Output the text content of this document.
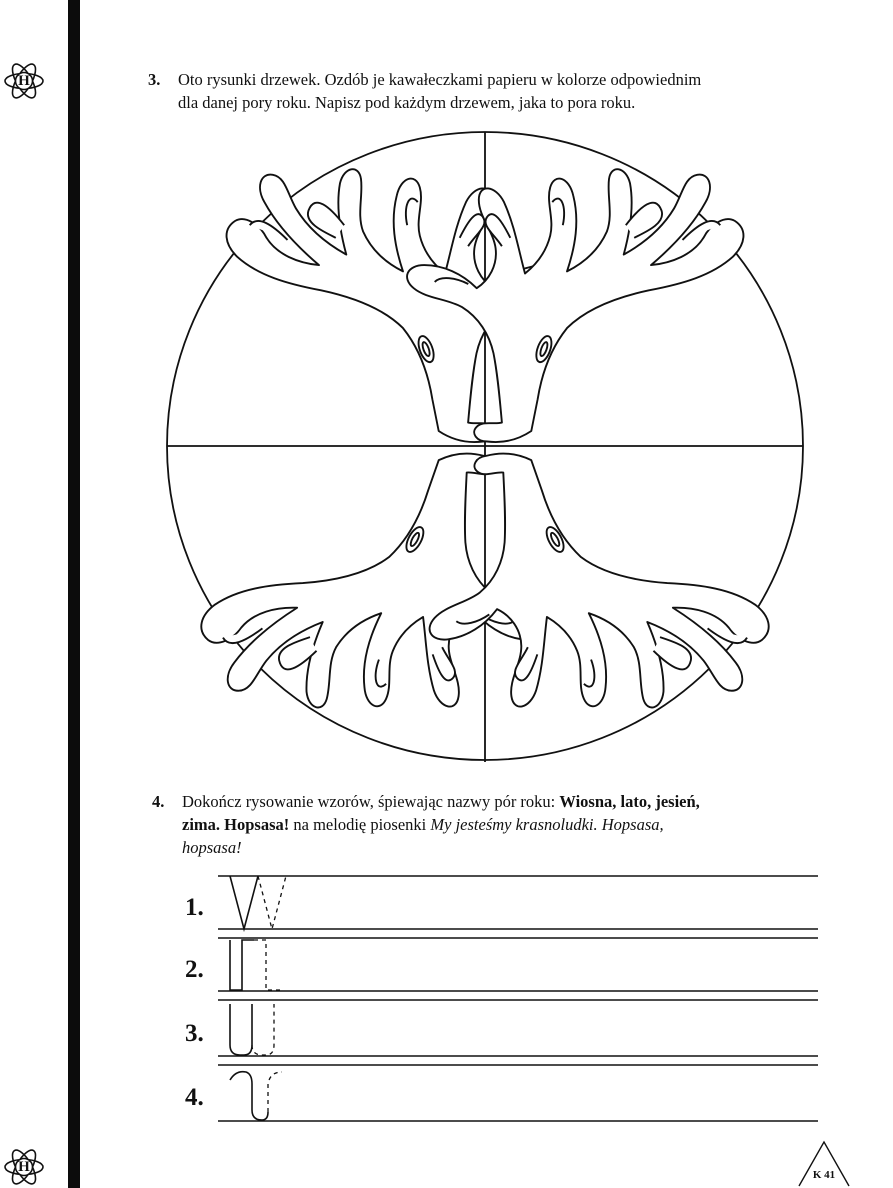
H
H
3. Oto rysunki drzewek. Ozdób je kawałeczkami papieru w kolorze odpowiednim
dla danej pory roku. Napisz pod każdym drzewem, jaka to pora roku.
4. Dokończ rysowanie wzorów, śpiewając nazwy pór roku: Wiosna, lato, jesień,
zima. Hopsasa! na melodię piosenki My jesteśmy krasnoludki. Hopsasa,
hopsasa!
1.
2.
3.
4.
K 41
